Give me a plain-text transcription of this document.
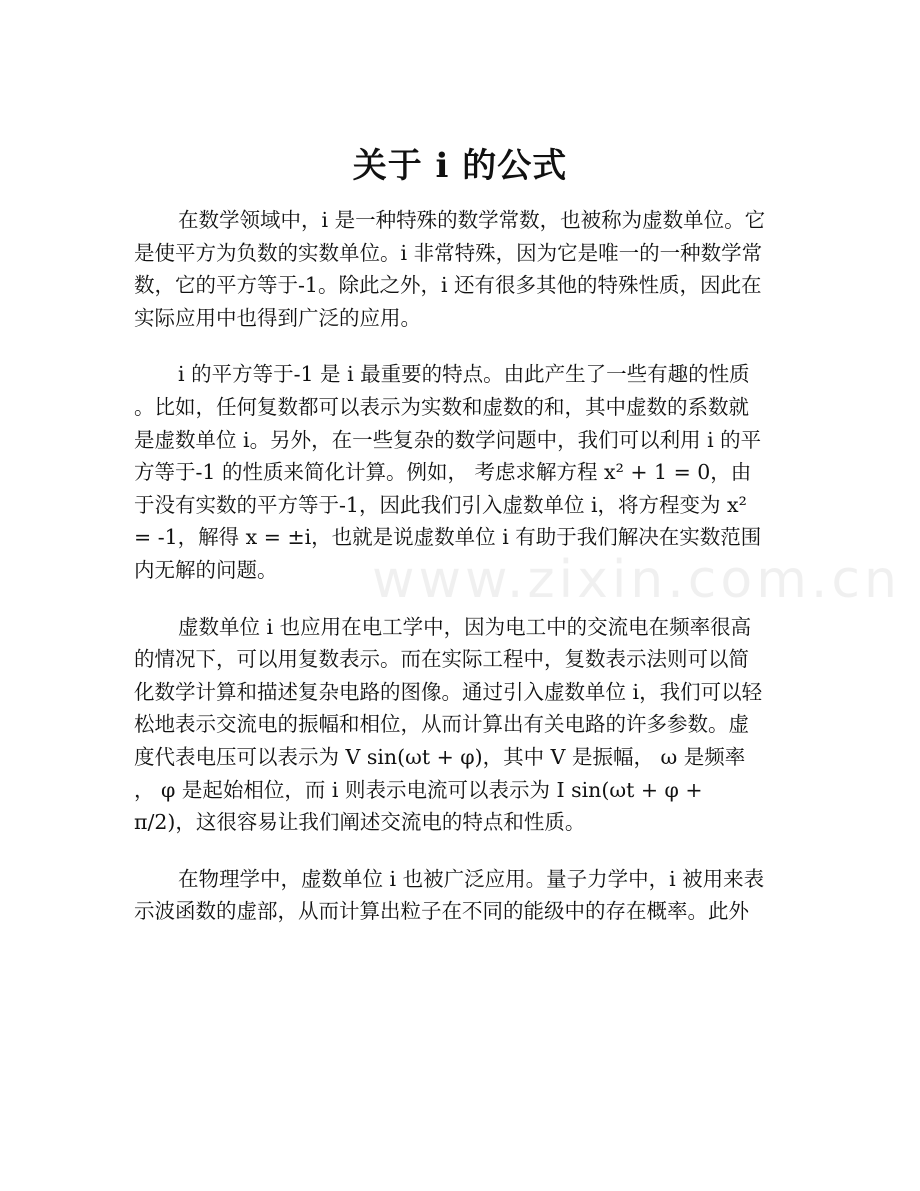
关于 i 的公式
www.zixin.com.cn
在数学领域中，i 是一种特殊的数学常数，也被称为虚数单位。它
是使平方为负数的实数单位。i 非常特殊，因为它是唯一的一种数学常
数，它的平方等于-1。除此之外，i 还有很多其他的特殊性质，因此在
实际应用中也得到广泛的应用。
i 的平方等于-1 是 i 最重要的特点。由此产生了一些有趣的性质
。比如，任何复数都可以表示为实数和虚数的和，其中虚数的系数就
是虚数单位 i。另外，在一些复杂的数学问题中，我们可以利用 i 的平
方等于-1 的性质来简化计算。例如， 考虑求解方程 x² + 1 = 0，由
于没有实数的平方等于-1，因此我们引入虚数单位 i，将方程变为 x²
= -1，解得 x = ±i，也就是说虚数单位 i 有助于我们解决在实数范围
内无解的问题。
虚数单位 i 也应用在电工学中，因为电工中的交流电在频率很高
的情况下，可以用复数表示。而在实际工程中，复数表示法则可以简
化数学计算和描述复杂电路的图像。通过引入虚数单位 i，我们可以轻
松地表示交流电的振幅和相位，从而计算出有关电路的许多参数。虚
度代表电压可以表示为 V sin(ωt + φ)，其中 V 是振幅， ω 是频率
， φ 是起始相位，而 i 则表示电流可以表示为 I sin(ωt + φ +
π/2)，这很容易让我们阐述交流电的特点和性质。
在物理学中，虚数单位 i 也被广泛应用。量子力学中，i 被用来表
示波函数的虚部，从而计算出粒子在不同的能级中的存在概率。此外
